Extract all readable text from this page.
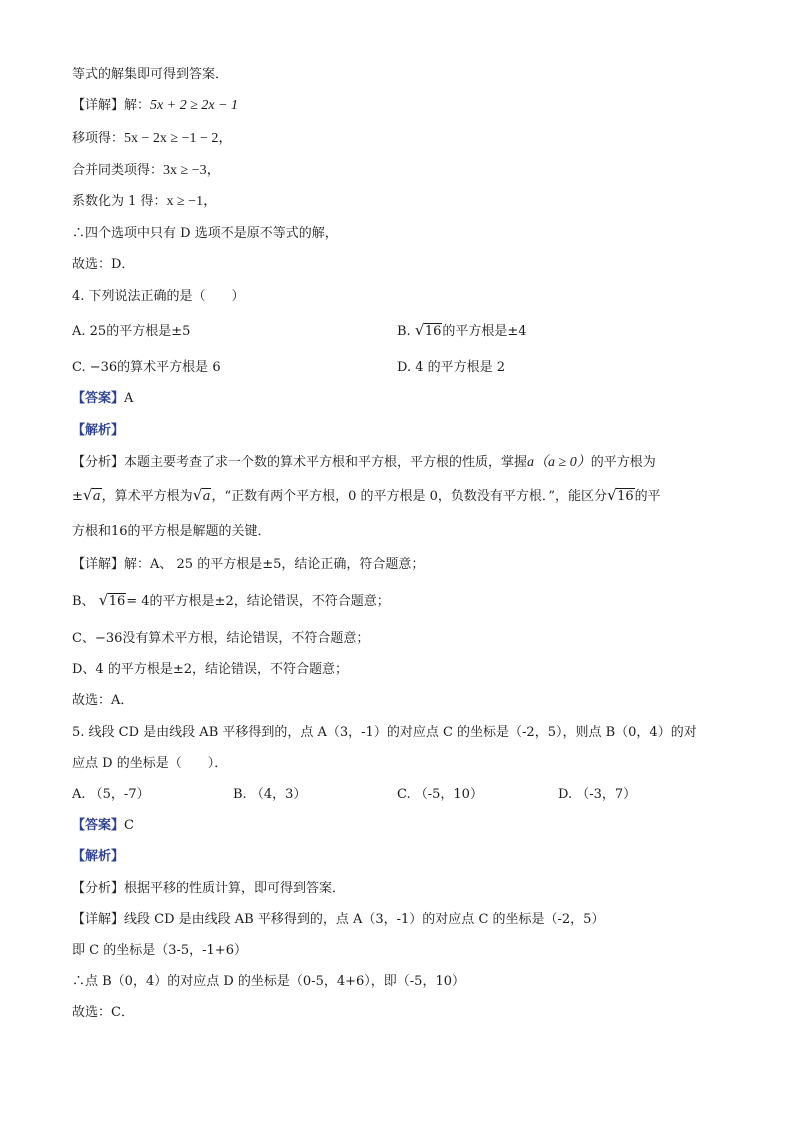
等式的解集即可得到答案．
【详解】解：5x + 2 ≥ 2x − 1
移项得：5x − 2x ≥ −1 − 2，
合并同类项得：3x ≥ −3，
系数化为 1 得：x ≥ −1，
∴四个选项中只有 D 选项不是原不等式的解，
故选：D．
4. 下列说法正确的是（　　）
A. 25的平方根是±5	B. √ 16的平方根是±4
C. −36的算术平方根是 6	D. 4 的平方根是 2
【答案】A
【解析】
【分析】本题主要考查了求一个数的算术平方根和平方根，平方根的性质，掌握a（a ≥ 0）的平方根为
± √ a，算术平方根为 √ a，“正数有两个平方根，0 的平方根是 0，负数没有平方根．”，能区分 √ 16的平
方根和16的平方根是解题的关键．
【详解】解：A、 25 的平方根是±5，结论正确，符合题意；
B、 √ 16= 4的平方根是±2，结论错误，不符合题意；
C、−36没有算术平方根，结论错误，不符合题意；
D、4 的平方根是±2，结论错误，不符合题意；
故选：A．
5. 线段 CD 是由线段 AB 平移得到的，点 A（3，-1）的对应点 C 的坐标是（-2，5），则点 B（0，4）的对
应点 D 的坐标是（　　）．
A. （5，-7）	B. （4，3）	C. （-5，10）	D. （-3，7）
【答案】C
【解析】
【分析】根据平移的性质计算，即可得到答案．
【详解】线段 CD 是由线段 AB 平移得到的，点 A（3，-1）的对应点 C 的坐标是（-2，5）
即 C 的坐标是（3-5，-1+6）
∴点 B（0，4）的对应点 D 的坐标是（0-5，4+6），即（-5，10）
故选：C．
